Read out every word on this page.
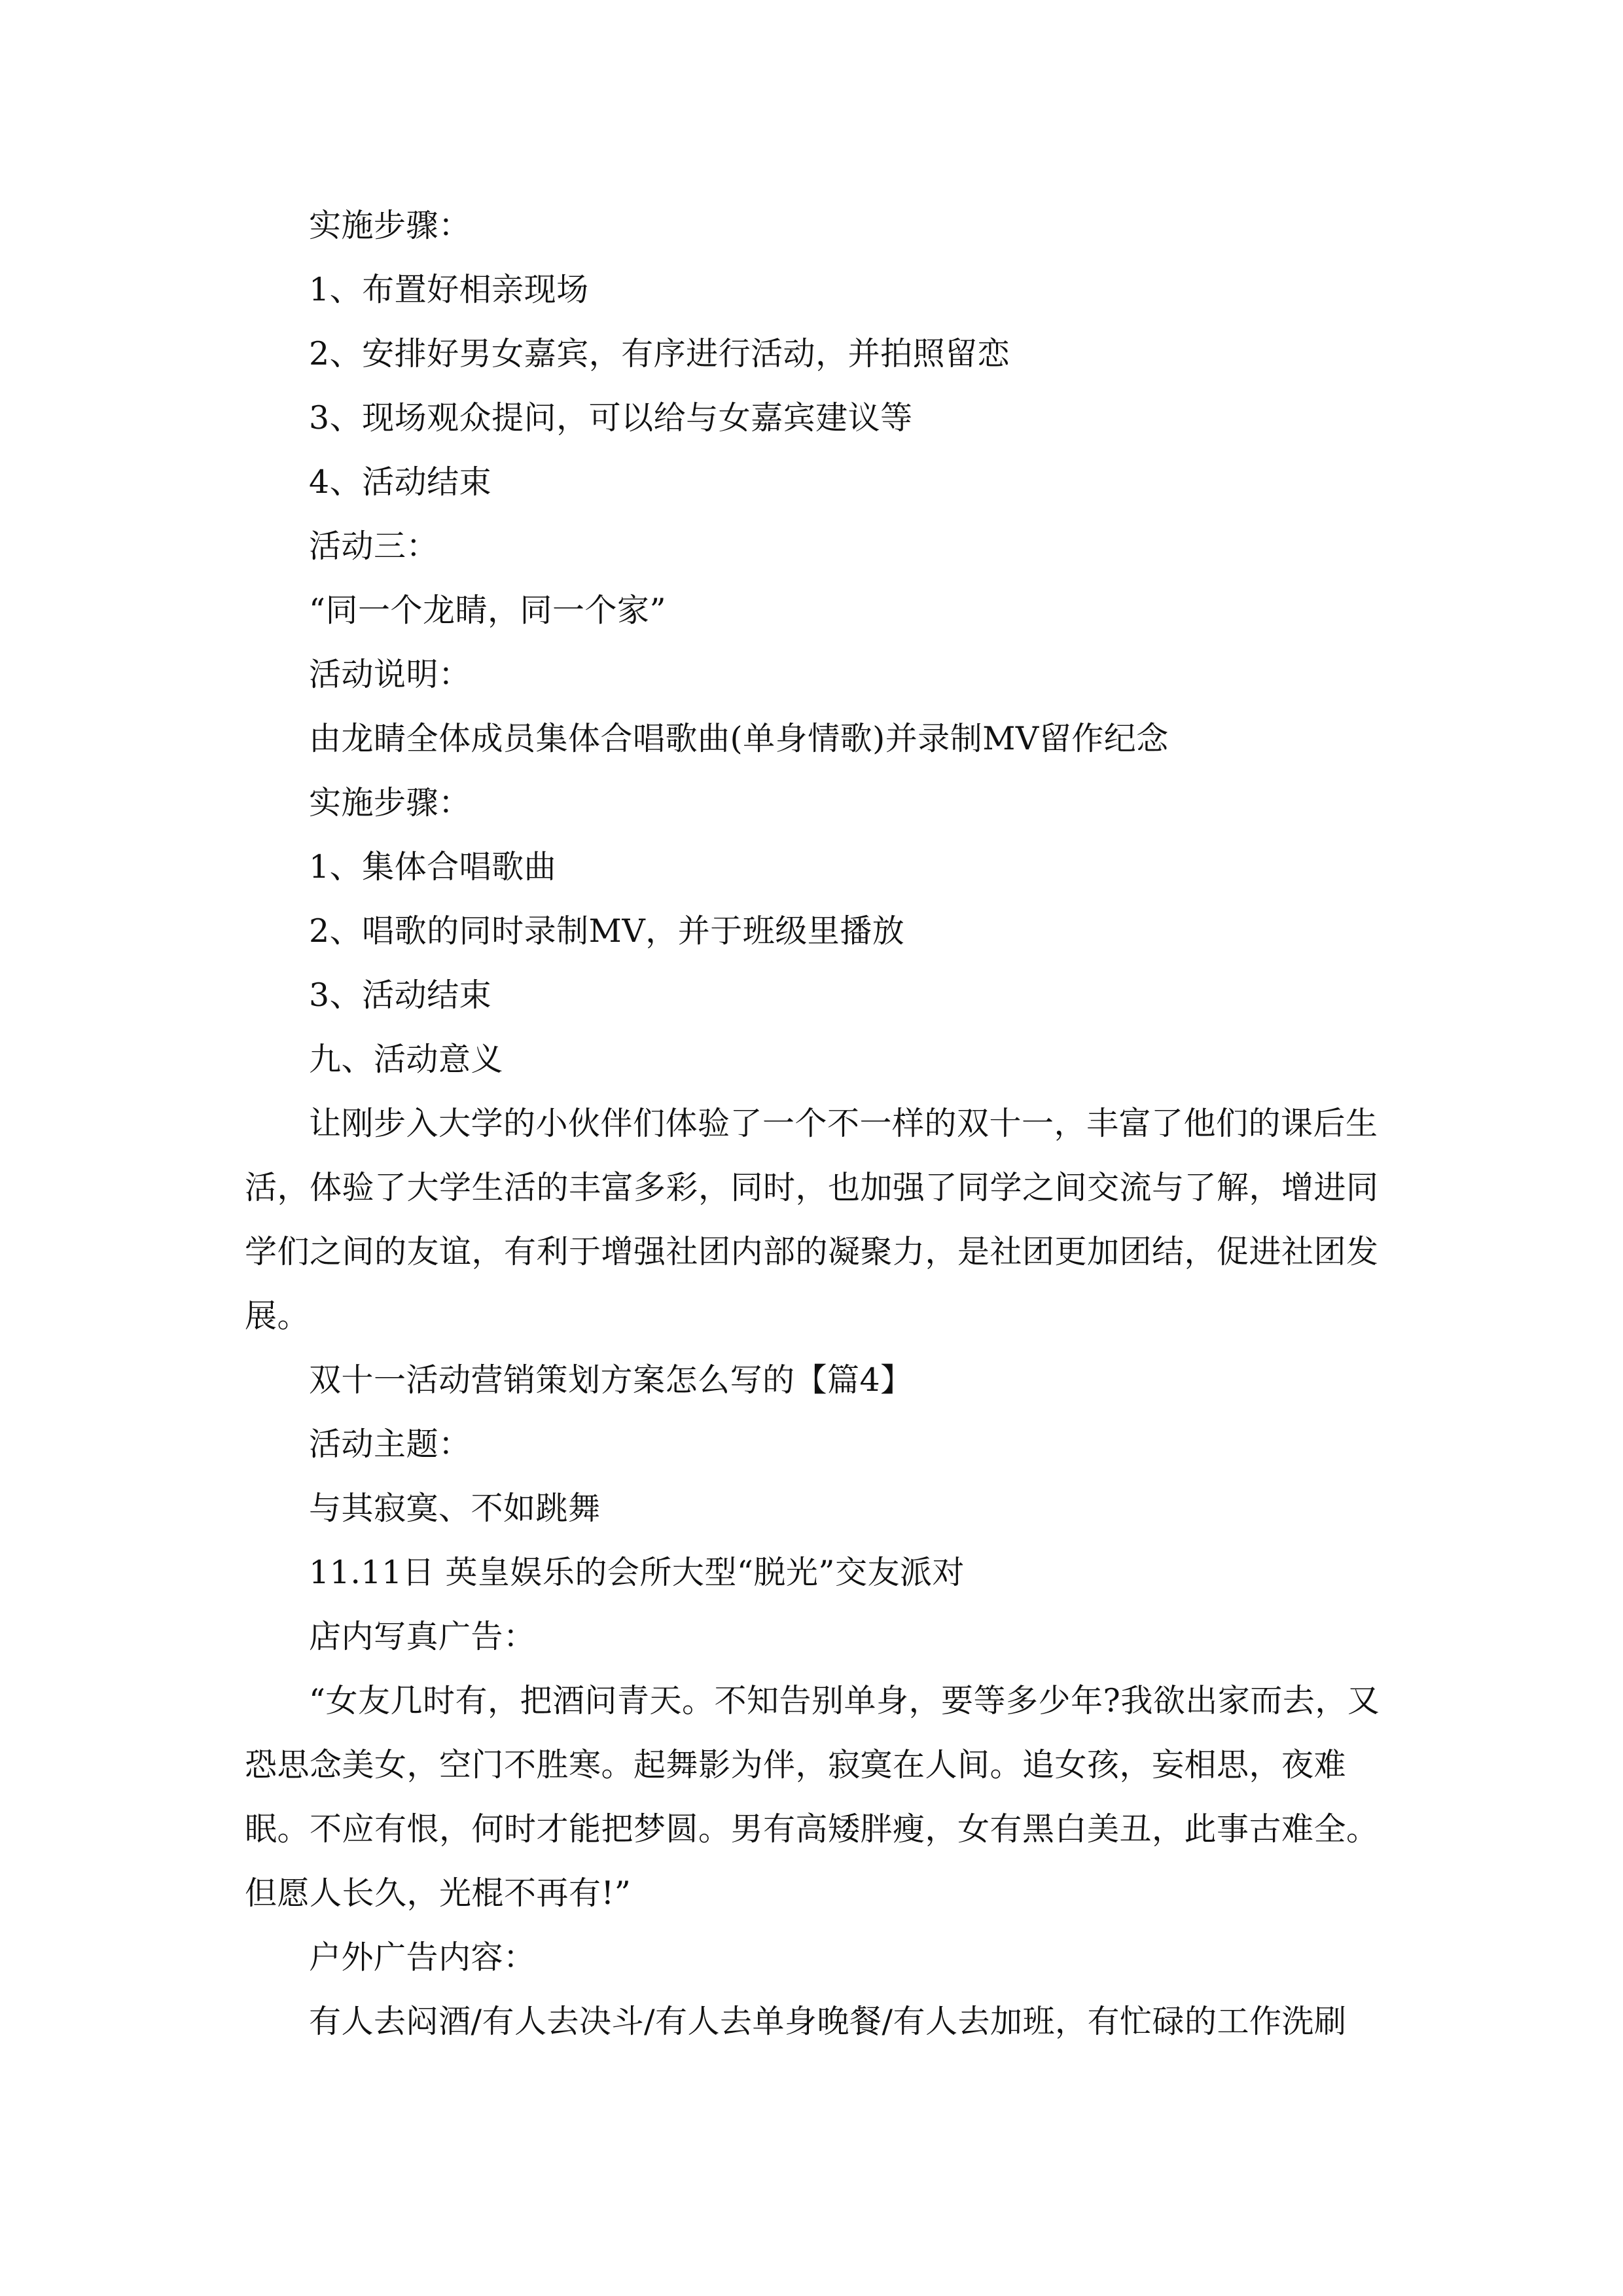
实施步骤：

1、布置好相亲现场

2、安排好男女嘉宾，有序进行活动，并拍照留恋

3、现场观众提问，可以给与女嘉宾建议等

4、活动结束

活动三：

“同一个龙睛，同一个家”

活动说明：

由龙睛全体成员集体合唱歌曲(单身情歌)并录制MV留作纪念

实施步骤：

1、集体合唱歌曲

2、唱歌的同时录制MV，并于班级里播放

3、活动结束

九、活动意义

让刚步入大学的小伙伴们体验了一个不一样的双十一，丰富了他们的课后生活，体验了大学生活的丰富多彩，同时，也加强了同学之间交流与了解，增进同学们之间的友谊，有利于增强社团内部的凝聚力，是社团更加团结，促进社团发展。

双十一活动营销策划方案怎么写的【篇4】

活动主题：

与其寂寞、不如跳舞

11.11日 英皇娱乐的会所大型“脱光”交友派对

店内写真广告：

“女友几时有，把酒问青天。不知告别单身，要等多少年?我欲出家而去，又恐思念美女，空门不胜寒。起舞影为伴，寂寞在人间。追女孩，妄相思，夜难眠。不应有恨，何时才能把梦圆。男有高矮胖瘦，女有黑白美丑，此事古难全。但愿人长久，光棍不再有!”

户外广告内容：

有人去闷酒/有人去决斗/有人去单身晚餐/有人去加班，有忙碌的工作洗刷
